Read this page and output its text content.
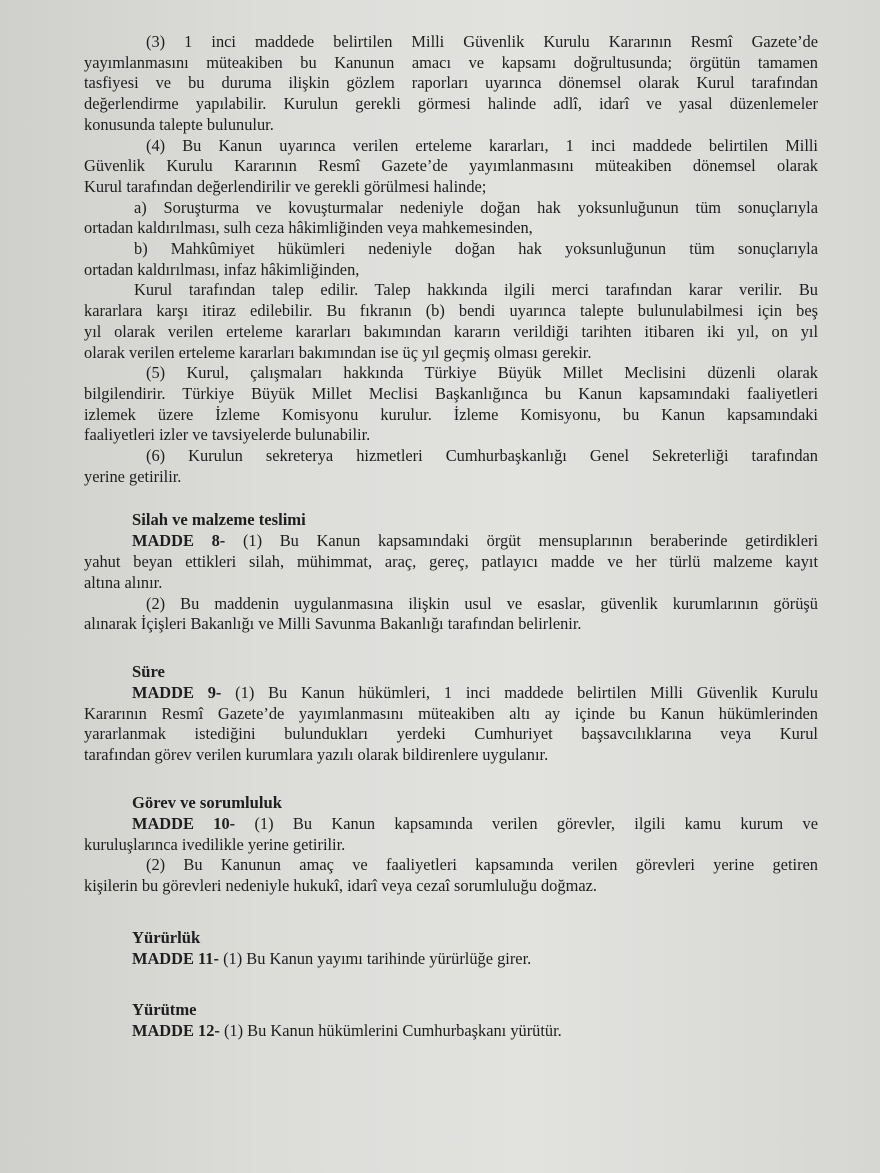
(3) 1 inci maddede belirtilen Milli Güvenlik Kurulu Kararının Resmî Gazete’de

yayımlanmasını müteakiben bu Kanunun amacı ve kapsamı doğrultusunda; örgütün tamamen

tasfiyesi ve bu duruma ilişkin gözlem raporları uyarınca dönemsel olarak Kurul tarafından

değerlendirme yapılabilir. Kurulun gerekli görmesi halinde adlî, idarî ve yasal düzenlemeler

konusunda talepte bulunulur.

(4) Bu Kanun uyarınca verilen erteleme kararları, 1 inci maddede belirtilen Milli

Güvenlik Kurulu Kararının Resmî Gazete’de yayımlanmasını müteakiben dönemsel olarak

Kurul tarafından değerlendirilir ve gerekli görülmesi halinde;

a) Soruşturma ve kovuşturmalar nedeniyle doğan hak yoksunluğunun tüm sonuçlarıyla

ortadan kaldırılması, sulh ceza hâkimliğinden veya mahkemesinden,

b) Mahkûmiyet hükümleri nedeniyle doğan hak yoksunluğunun tüm sonuçlarıyla

ortadan kaldırılması, infaz hâkimliğinden,

Kurul tarafından talep edilir. Talep hakkında ilgili merci tarafından karar verilir. Bu

kararlara karşı itiraz edilebilir. Bu fıkranın (b) bendi uyarınca talepte bulunulabilmesi için beş

yıl olarak verilen erteleme kararları bakımından kararın verildiği tarihten itibaren iki yıl, on yıl

olarak verilen erteleme kararları bakımından ise üç yıl geçmiş olması gerekir.

(5) Kurul, çalışmaları hakkında Türkiye Büyük Millet Meclisini düzenli olarak

bilgilendirir. Türkiye Büyük Millet Meclisi Başkanlığınca bu Kanun kapsamındaki faaliyetleri

izlemek üzere İzleme Komisyonu kurulur. İzleme Komisyonu, bu Kanun kapsamındaki

faaliyetleri izler ve tavsiyelerde bulunabilir.

(6) Kurulun sekreterya hizmetleri Cumhurbaşkanlığı Genel Sekreterliği tarafından

yerine getirilir.

Silah ve malzeme teslimi

MADDE 8- (1) Bu Kanun kapsamındaki örgüt mensuplarının beraberinde getirdikleri

yahut beyan ettikleri silah, mühimmat, araç, gereç, patlayıcı madde ve her türlü malzeme kayıt

altına alınır.

(2) Bu maddenin uygulanmasına ilişkin usul ve esaslar, güvenlik kurumlarının görüşü

alınarak İçişleri Bakanlığı ve Milli Savunma Bakanlığı tarafından belirlenir.

Süre

MADDE 9- (1) Bu Kanun hükümleri, 1 inci maddede belirtilen Milli Güvenlik Kurulu

Kararının Resmî Gazete’de yayımlanmasını müteakiben altı ay içinde bu Kanun hükümlerinden

yararlanmak istediğini bulundukları yerdeki Cumhuriyet başsavcılıklarına veya Kurul

tarafından görev verilen kurumlara yazılı olarak bildirenlere uygulanır.

Görev ve sorumluluk

MADDE 10- (1) Bu Kanun kapsamında verilen görevler, ilgili kamu kurum ve

kuruluşlarınca ivedilikle yerine getirilir.

(2) Bu Kanunun amaç ve faaliyetleri kapsamında verilen görevleri yerine getiren

kişilerin bu görevleri nedeniyle hukukî, idarî veya cezaî sorumluluğu doğmaz.

Yürürlük

MADDE 11- (1) Bu Kanun yayımı tarihinde yürürlüğe girer.

Yürütme

MADDE 12- (1) Bu Kanun hükümlerini Cumhurbaşkanı yürütür.
